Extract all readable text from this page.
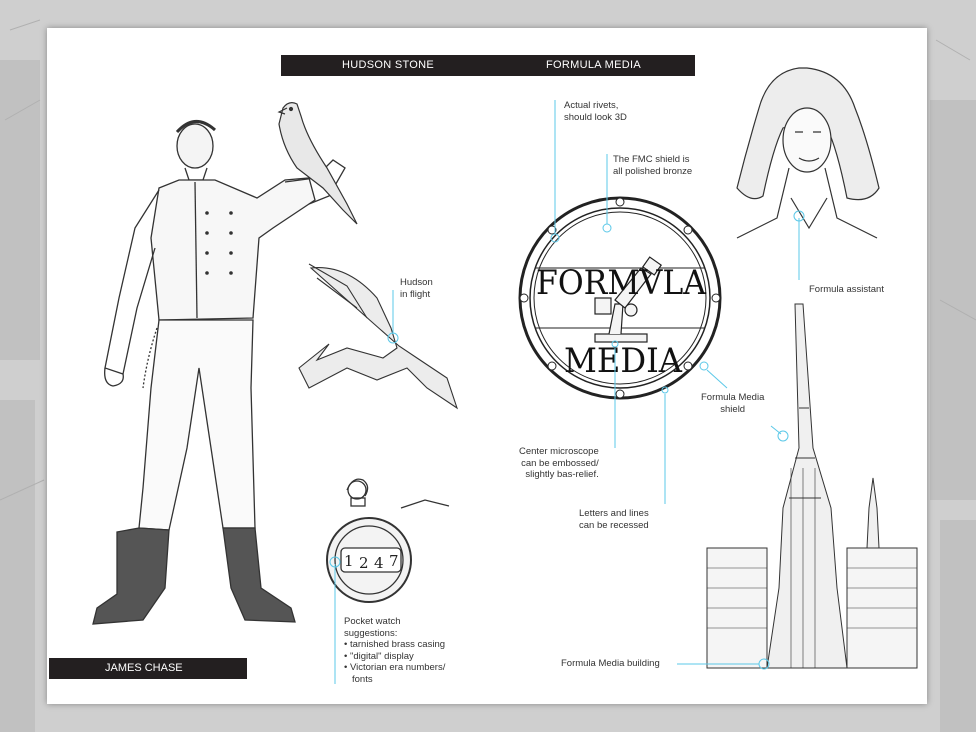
1 2 4 7
FORMVLA
MEDIA
HUDSON STONE	FORMULA MEDIA
Actual rivets,
should look 3D
The FMC shield is
all polished bronze
Hudson
in flight	Formula assistant
Formula Media
shield
Center microscope
can be embossed/
slightly bas-relief.
Letters and lines
can be recessed
Pocket watch
suggestions:
• tarnished brass casing
• "digital" display
• Victorian era numbers/
fonts
Formula Media building
JAMES CHASE
